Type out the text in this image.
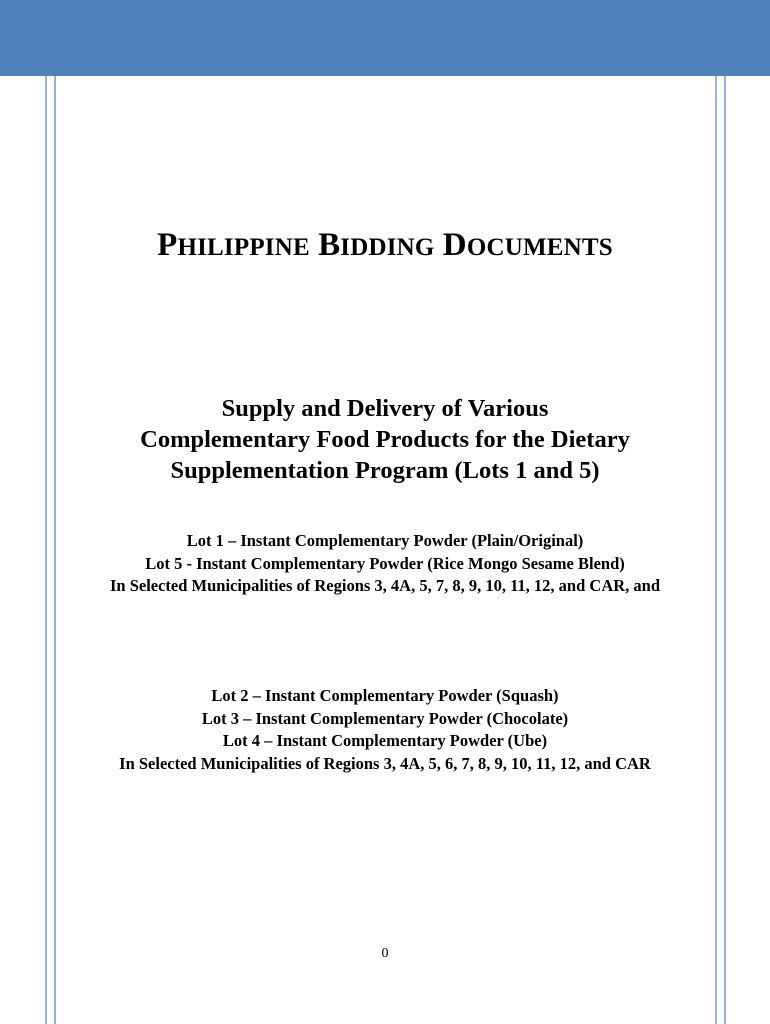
PHILIPPINE BIDDING DOCUMENTS
Supply and Delivery of Various
Complementary Food Products for the Dietary
Supplementation Program (Lots 1 and 5)
Lot 1 – Instant Complementary Powder (Plain/Original)
Lot 5 - Instant Complementary Powder (Rice Mongo Sesame Blend)
In Selected Municipalities of Regions 3, 4A, 5, 7, 8, 9, 10, 11, 12, and CAR, and
Lot 2 – Instant Complementary Powder (Squash)
Lot 3 – Instant Complementary Powder (Chocolate)
Lot 4 – Instant Complementary Powder (Ube)
In Selected Municipalities of Regions 3, 4A, 5, 6, 7, 8, 9, 10, 11, 12, and CAR
0
